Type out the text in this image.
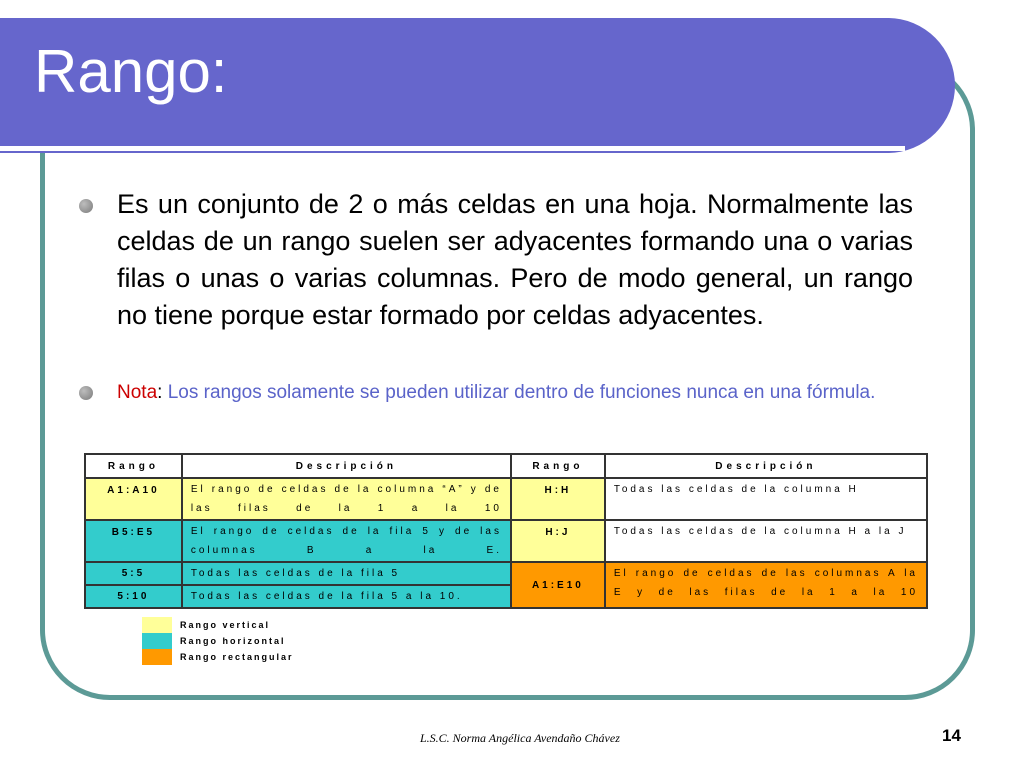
Rango:
Es un conjunto de 2 o más celdas en una hoja. Normalmente las celdas de un rango suelen ser adyacentes formando una o varias filas o unas o varias columnas. Pero de modo general, un rango no tiene porque estar formado por celdas adyacentes.
Nota: Los rangos solamente se pueden utilizar dentro de funciones nunca en una fórmula.
Rango	Descripción	Rango	Descripción
A1:A10	El rango de celdas de la columna “A” y de las filas de la 1 a la 10	H:H	Todas las celdas de la columna H
B5:E5	El rango de celdas de la fila 5 y de las columnas B a la E.	H:J	Todas las celdas de la columna H a la J
5:5	Todas las celdas de la fila 5	A1:E10	El rango de celdas de las columnas A la E y de las filas de la 1 a la 10
5:10	Todas las celdas de la fila 5 a la 10.		
Rango vertical
Rango horizontal
Rango rectangular
L.S.C. Norma Angélica Avendaño Chávez	14
